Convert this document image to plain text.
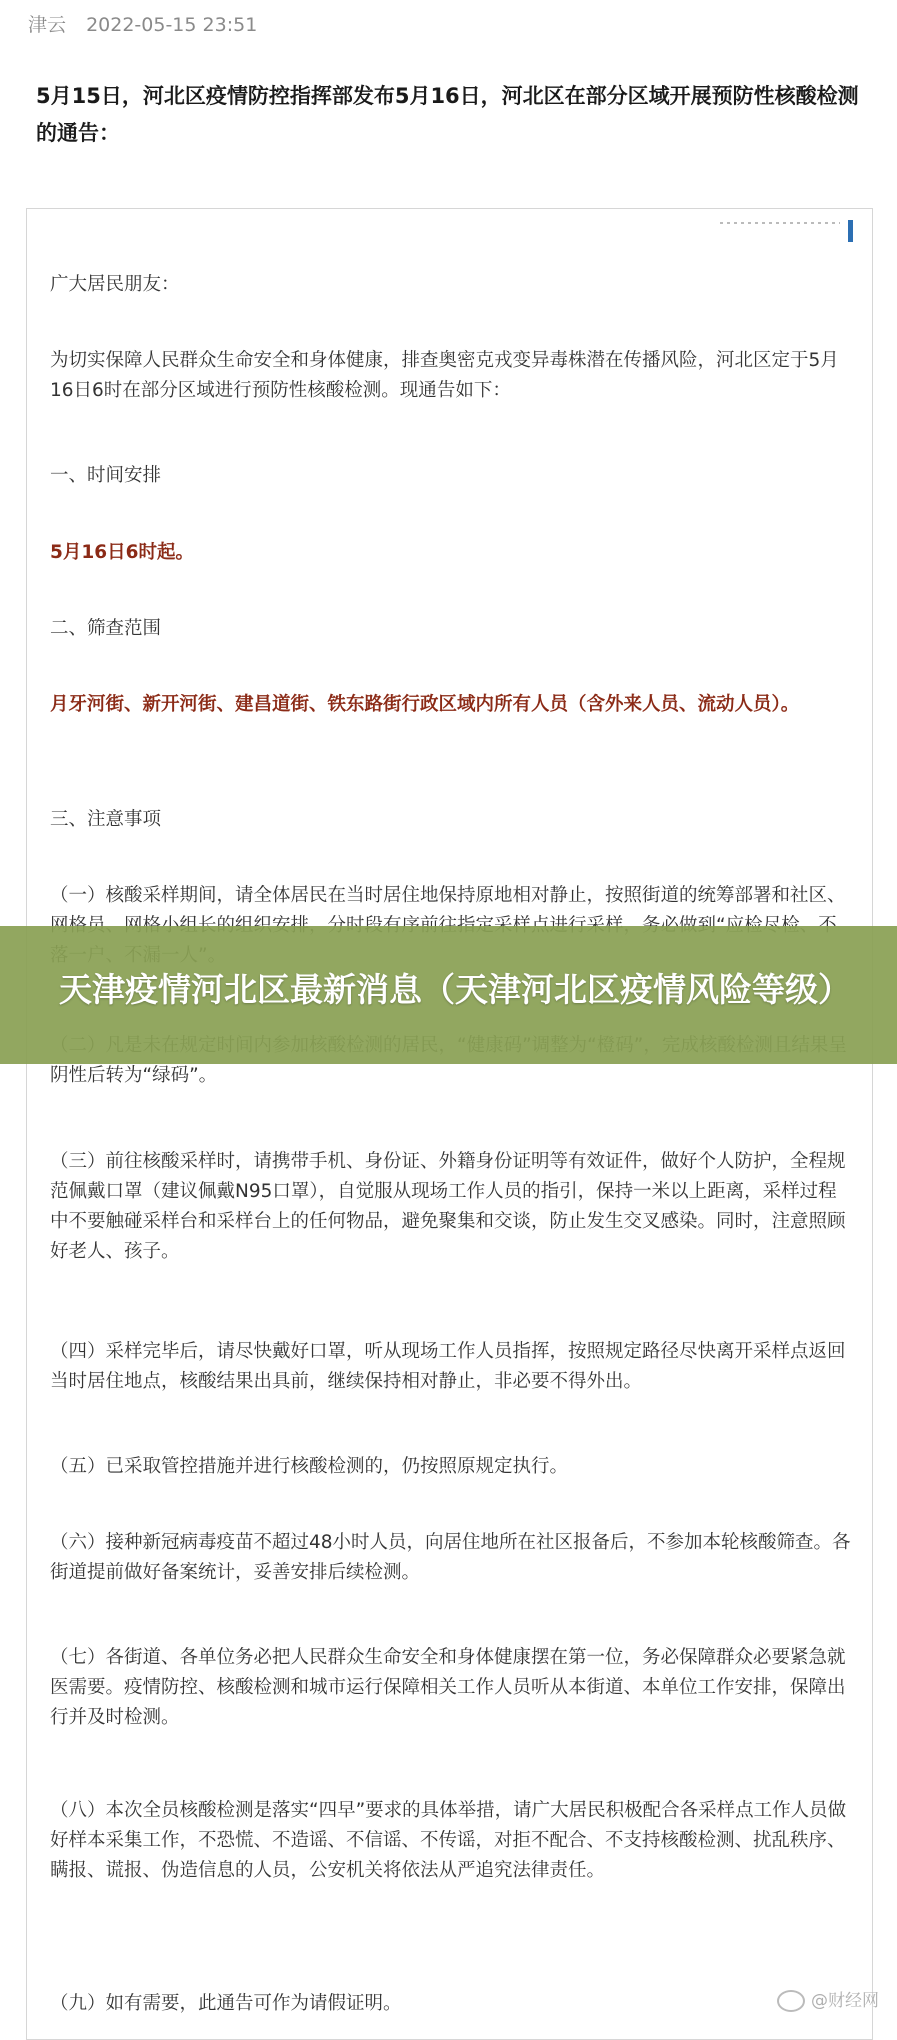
津云 2022-05-15 23:51
5月15日，河北区疫情防控指挥部发布5月16日，河北区在部分区域开展预防性核酸检测的通告：
广大居民朋友：
为切实保障人民群众生命安全和身体健康，排查奥密克戎变异毒株潜在传播风险，河北区定于5月16日6时在部分区域进行预防性核酸检测。现通告如下：
一、时间安排
5月16日6时起。
二、筛查范围
月牙河街、新开河街、建昌道街、铁东路街行政区域内所有人员（含外来人员、流动人员）。
三、注意事项
（一）核酸采样期间，请全体居民在当时居住地保持原地相对静止，按照街道的统筹部署和社区、
阴性后转为“绿码”。
（三）前往核酸采样时，请携带手机、身份证、外籍身份证明等有效证件，做好个人防护，全程规范佩戴口罩（建议佩戴N95口罩），自觉服从现场工作人员的指引，保持一米以上距离，采样过程中不要触碰采样台和采样台上的任何物品，避免聚集和交谈，防止发生交叉感染。同时，注意照顾好老人、孩子。
（四）采样完毕后，请尽快戴好口罩，听从现场工作人员指挥，按照规定路径尽快离开采样点返回当时居住地点，核酸结果出具前，继续保持相对静止，非必要不得外出。
（五）已采取管控措施并进行核酸检测的，仍按照原规定执行。
（六）接种新冠病毒疫苗不超过48小时人员，向居住地所在社区报备后，不参加本轮核酸筛查。各街道提前做好备案统计，妥善安排后续检测。
（七）各街道、各单位务必把人民群众生命安全和身体健康摆在第一位，务必保障群众必要紧急就医需要。疫情防控、核酸检测和城市运行保障相关工作人员听从本街道、本单位工作安排，保障出行并及时检测。
（八）本次全员核酸检测是落实“四早”要求的具体举措，请广大居民积极配合各采样点工作人员做好样本采集工作，不恐慌、不造谣、不信谣、不传谣，对拒不配合、不支持核酸检测、扰乱秩序、瞒报、谎报、伪造信息的人员，公安机关将依法从严追究法律责任。
（九）如有需要，此通告可作为请假证明。
天津疫情河北区最新消息（天津河北区疫情风险等级）
@财经网
